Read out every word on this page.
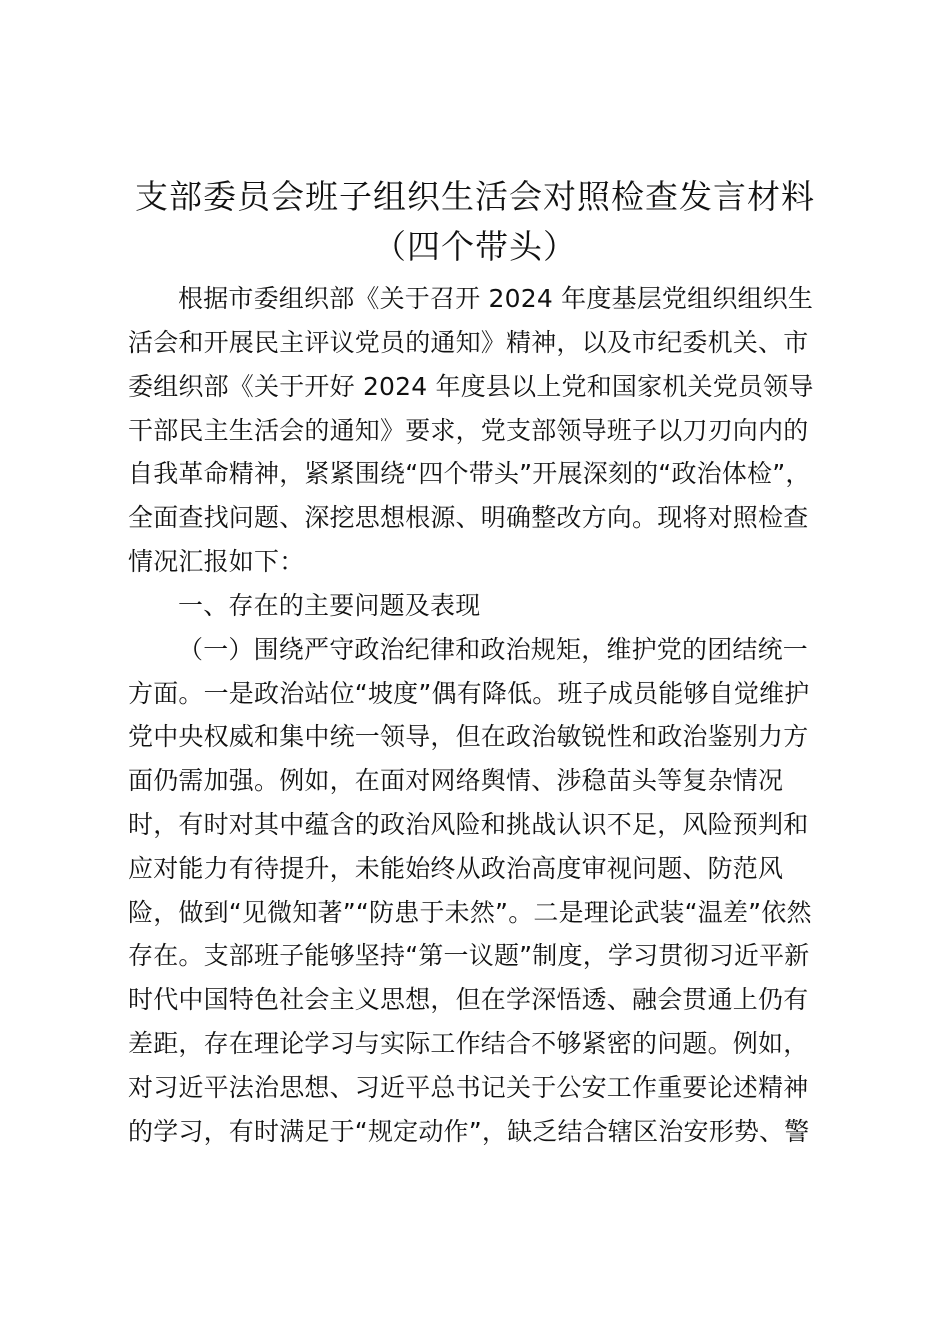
支部委员会班子组织生活会对照检查发言材料
（四个带头）
根据市委组织部《关于召开 2024 年度基层党组织组织生
活会和开展民主评议党员的通知》精神，以及市纪委机关、市
委组织部《关于开好 2024 年度县以上党和国家机关党员领导
干部民主生活会的通知》要求，党支部领导班子以刀刃向内的
自我革命精神，紧紧围绕“四个带头”开展深刻的“政治体检”，
全面查找问题、深挖思想根源、明确整改方向。现将对照检查
情况汇报如下：
一、存在的主要问题及表现
（一）围绕严守政治纪律和政治规矩，维护党的团结统一
方面。一是政治站位“坡度”偶有降低。班子成员能够自觉维护
党中央权威和集中统一领导，但在政治敏锐性和政治鉴别力方
面仍需加强。例如，在面对网络舆情、涉稳苗头等复杂情况
时，有时对其中蕴含的政治风险和挑战认识不足，风险预判和
应对能力有待提升，未能始终从政治高度审视问题、防范风
险，做到“见微知著”“防患于未然”。二是理论武装“温差”依然
存在。支部班子能够坚持“第一议题”制度，学习贯彻习近平新
时代中国特色社会主义思想，但在学深悟透、融会贯通上仍有
差距，存在理论学习与实际工作结合不够紧密的问题。例如，
对习近平法治思想、习近平总书记关于公安工作重要论述精神
的学习，有时满足于“规定动作”，缺乏结合辖区治安形势、警
